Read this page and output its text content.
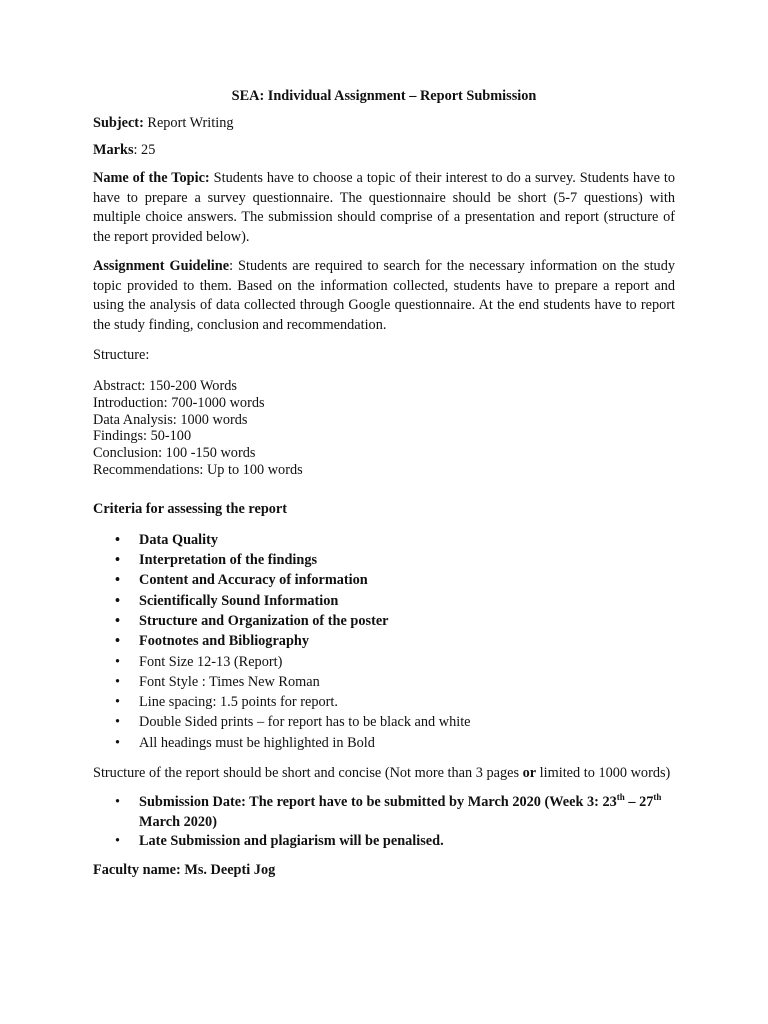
SEA: Individual Assignment – Report Submission
Subject: Report Writing
Marks: 25
Name of the Topic: Students have to choose a topic of their interest to do a survey. Students have to have to prepare a survey questionnaire. The questionnaire should be short (5-7 questions) with multiple choice answers. The submission should comprise of a presentation and report (structure of the report provided below).
Assignment Guideline: Students are required to search for the necessary information on the study topic provided to them. Based on the information collected, students have to prepare a report and using the analysis of data collected through Google questionnaire. At the end students have to report the study finding, conclusion and recommendation.
Structure:
Abstract: 150-200 Words
Introduction: 700-1000 words
Data Analysis: 1000 words
Findings: 50-100
Conclusion: 100 -150 words
Recommendations: Up to 100 words
Criteria for assessing the report
• Data Quality
• Interpretation of the findings
• Content and Accuracy of information
• Scientifically Sound Information
• Structure and Organization of the poster
• Footnotes and Bibliography
• Font Size 12-13 (Report)
• Font Style : Times New Roman
• Line spacing: 1.5 points for report.
• Double Sided prints – for report has to be black and white
• All headings must be highlighted in Bold
Structure of the report should be short and concise (Not more than 3 pages or limited to 1000 words)
• Submission Date: The report have to be submitted by March 2020 (Week 3: 23th – 27th March 2020)
• Late Submission and plagiarism will be penalised.
Faculty name: Ms. Deepti Jog
